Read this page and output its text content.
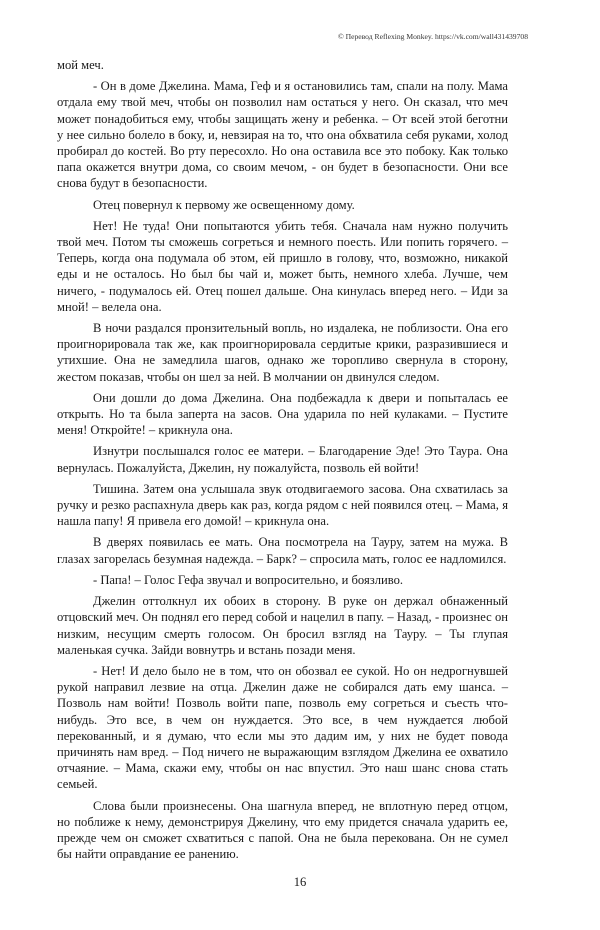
© Перевод Reflexing Monkey. https://vk.com/wall431439708

мой меч.

- Он в доме Джелина. Мама, Геф и я остановились там, спали на полу. Мама отдала ему твой меч, чтобы он позволил нам остаться у него. Он сказал, что меч может понадобиться ему, чтобы защищать жену и ребенка. – От всей этой беготни у нее сильно болело в боку, и, невзирая на то, что она обхватила себя руками, холод пробирал до костей. Во рту пересохло. Но она оставила все это побоку. Как только папа окажется внутри дома, со своим мечом, - он будет в безопасности. Они все снова будут в безопасности.

Отец повернул к первому же освещенному дому.

Нет! Не туда! Они попытаются убить тебя. Сначала нам нужно получить твой меч. Потом ты сможешь согреться и немного поесть. Или попить горячего. – Теперь, когда она подумала об этом, ей пришло в голову, что, возможно, никакой еды и не осталось. Но был бы чай и, может быть, немного хлеба. Лучше, чем ничего, - подумалось ей. Отец пошел дальше. Она кинулась вперед него. – Иди за мной! – велела она.

В ночи раздался пронзительный вопль, но издалека, не поблизости. Она его проигнорировала так же, как проигнорировала сердитые крики, разразившиеся и утихшие. Она не замедлила шагов, однако же торопливо свернула в сторону, жестом показав, чтобы он шел за ней. В молчании он двинулся следом.

Они дошли до дома Джелина. Она подбежадла к двери и попыталась ее открыть. Но та была заперта на засов. Она ударила по ней кулаками. – Пустите меня! Откройте! – крикнула она.

Изнутри послышался голос ее матери. – Благодарение Эде! Это Таура. Она вернулась. Пожалуйста, Джелин, ну пожалуйста, позволь ей войти!

Тишина. Затем она услышала звук отодвигаемого засова. Она схватилась за ручку и резко распахнула дверь как раз, когда рядом с ней появился отец. – Мама, я нашла папу! Я привела его домой! – крикнула она.

В дверях появилась ее мать. Она посмотрела на Тауру, затем на мужа. В глазах загорелась безумная надежда. – Барк? – спросила мать, голос ее надломился.

- Папа! – Голос Гефа звучал и вопросительно, и боязливо.

Джелин оттолкнул их обоих в сторону. В руке он держал обнаженный отцовский меч. Он поднял его перед собой и нацелил в папу. – Назад, - произнес он низким, несущим смерть голосом. Он бросил взгляд на Тауру. – Ты глупая маленькая сучка. Зайди вовнутрь и встань позади меня.

- Нет! И дело было не в том, что он обозвал ее сукой. Но он недрогнувшей рукой направил лезвие на отца. Джелин даже не собирался дать ему шанса. – Позволь нам войти! Позволь войти папе, позволь ему согреться и съесть что-нибудь. Это все, в чем он нуждается. Это все, в чем нуждается любой перекованный, и я думаю, что если мы это дадим им, у них не будет повода причинять нам вред. – Под ничего не выражающим взглядом Джелина ее охватило отчаяние. – Мама, скажи ему, чтобы он нас впустил. Это наш шанс снова стать семьей.

Слова были произнесены. Она шагнула вперед, не вплотную перед отцом, но поближе к нему, демонстрируя Джелину, что ему придется сначала ударить ее, прежде чем он сможет схватиться с папой. Она не была перекована. Он не сумел бы найти оправдание ее ранению.

16
